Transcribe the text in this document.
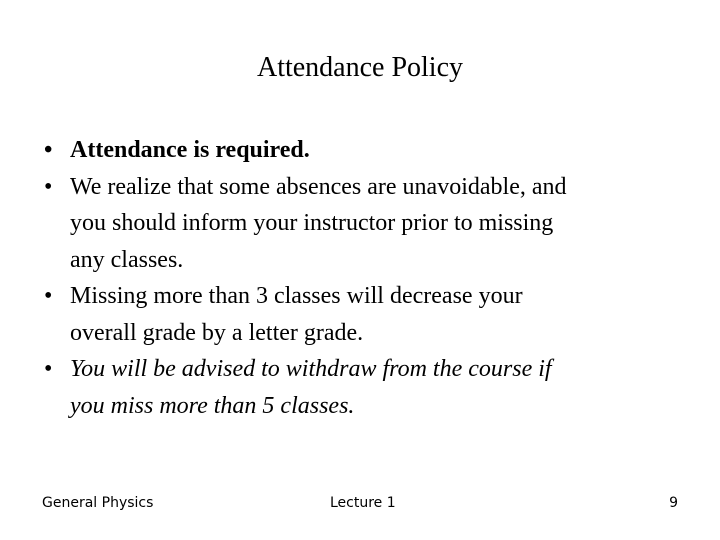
Attendance Policy
• Attendance is required.
• We realize that some absences are unavoidable, and
you should inform your instructor prior to missing
any classes.
• Missing more than 3 classes will decrease your
overall grade by a letter grade.
• You will be advised to withdraw from the course if
you miss more than 5 classes.
General Physics	Lecture 1	9
